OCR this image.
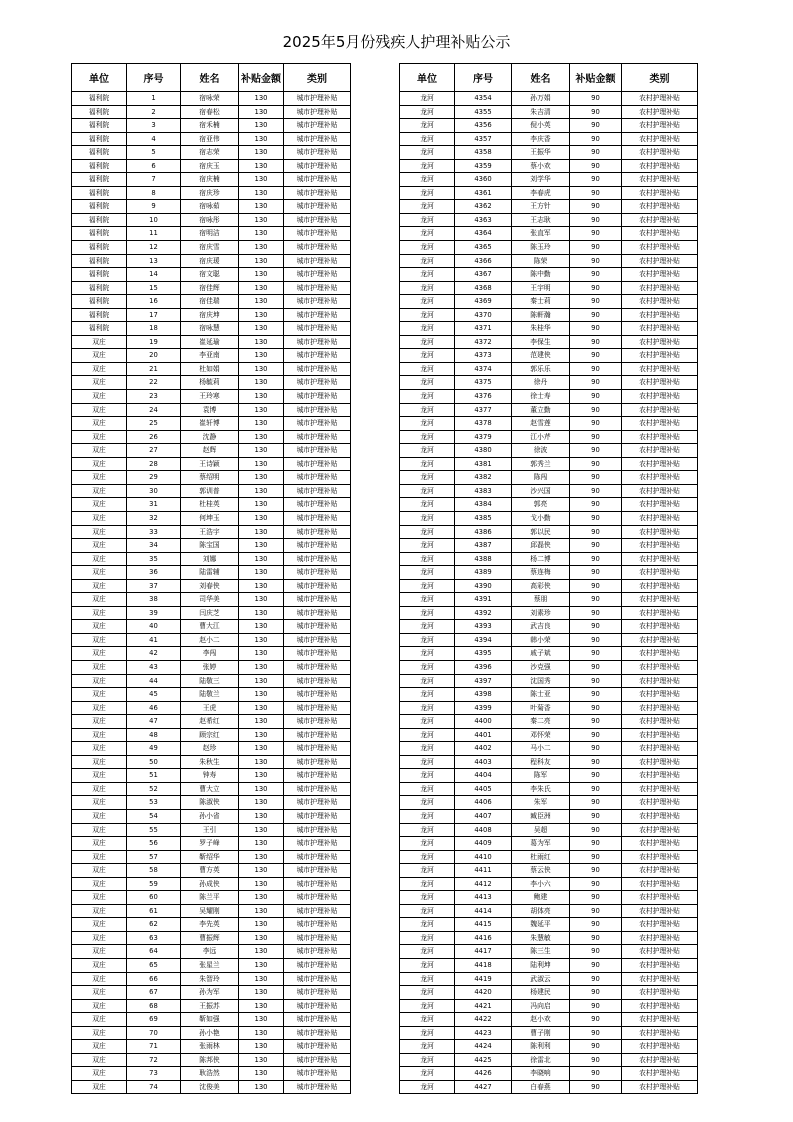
2025年5月份残疾人护理补贴公示
单位	序号	姓名	补贴金额	类别
福利院	1	宿咏荣	130	城市护理补贴
福利院	2	宿春松	130	城市护理补贴
福利院	3	宿禾楠	130	城市护理补贴
福利院	4	宿亚伟	130	城市护理补贴
福利院	5	宿志荣	130	城市护理补贴
福利院	6	宿庆玉	130	城市护理补贴
福利院	7	宿庆楠	130	城市护理补贴
福利院	8	宿庆珍	130	城市护理补贴
福利院	9	宿咏茹	130	城市护理补贴
福利院	10	宿咏彤	130	城市护理补贴
福利院	11	宿明洁	130	城市护理补贴
福利院	12	宿庆雪	130	城市护理补贴
福利院	13	宿庆瑗	130	城市护理补贴
福利院	14	宿文聪	130	城市护理补贴
福利院	15	宿佳辉	130	城市护理补贴
福利院	16	宿佳瑞	130	城市护理补贴
福利院	17	宿庆坤	130	城市护理补贴
福利院	18	宿咏慧	130	城市护理补贴
双庄	19	崔延瑜	130	城市护理补贴
双庄	20	李亚南	130	城市护理补贴
双庄	21	杜如娟	130	城市护理补贴
双庄	22	杨毓莉	130	城市护理补贴
双庄	23	王玲寒	130	城市护理补贴
双庄	24	袁博	130	城市护理补贴
双庄	25	崔轩博	130	城市护理补贴
双庄	26	沈静	130	城市护理补贴
双庄	27	赵辉	130	城市护理补贴
双庄	28	王诗颖	130	城市护理补贴
双庄	29	蔡绍明	130	城市护理补贴
双庄	30	郭训普	130	城市护理补贴
双庄	31	杜桂英	130	城市护理补贴
双庄	32	何坤玉	130	城市护理补贴
双庄	33	王浩宇	130	城市护理补贴
双庄	34	陈宝国	130	城市护理补贴
双庄	35	刘娜	130	城市护理补贴
双庄	36	陆雷辅	130	城市护理补贴
双庄	37	刘春侠	130	城市护理补贴
双庄	38	司华美	130	城市护理补贴
双庄	39	闫庆芝	130	城市护理补贴
双庄	40	曹大江	130	城市护理补贴
双庄	41	赵小二	130	城市护理补贴
双庄	42	李闯	130	城市护理补贴
双庄	43	张婷	130	城市护理补贴
双庄	44	陆敬三	130	城市护理补贴
双庄	45	陆敬兰	130	城市护理补贴
双庄	46	王虎	130	城市护理补贴
双庄	47	赵希红	130	城市护理补贴
双庄	48	顾宗红	130	城市护理补贴
双庄	49	赵珍	130	城市护理补贴
双庄	50	朱秋生	130	城市护理补贴
双庄	51	钟寿	130	城市护理补贴
双庄	52	曹大立	130	城市护理补贴
双庄	53	陈淑侠	130	城市护理补贴
双庄	54	孙小省	130	城市护理补贴
双庄	55	王引	130	城市护理补贴
双庄	56	罗子峰	130	城市护理补贴
双庄	57	靳绍华	130	城市护理补贴
双庄	58	曹方英	130	城市护理补贴
双庄	59	孙成侠	130	城市护理补贴
双庄	60	陈兰平	130	城市护理补贴
双庄	61	吴耀刚	130	城市护理补贴
双庄	62	李先英	130	城市护理补贴
双庄	63	曹振辉	130	城市护理补贴
双庄	64	李远	130	城市护理补贴
双庄	65	张星兰	130	城市护理补贴
双庄	66	朱智玲	130	城市护理补贴
双庄	67	孙为军	130	城市护理补贴
双庄	68	王振苏	130	城市护理补贴
双庄	69	靳如强	130	城市护理补贴
双庄	70	孙小艳	130	城市护理补贴
双庄	71	张雨林	130	城市护理补贴
双庄	72	陈邦侠	130	城市护理补贴
双庄	73	耿浩然	130	城市护理补贴
双庄	74	沈俊美	130	城市护理补贴
单位	序号	姓名	补贴金额	类别
龙河	4354	孙万娟	90	农村护理补贴
龙河	4355	朱吉清	90	农村护理补贴
龙河	4356	倪小英	90	农村护理补贴
龙河	4357	李庆香	90	农村护理补贴
龙河	4358	王振华	90	农村护理补贴
龙河	4359	蔡小欢	90	农村护理补贴
龙河	4360	刘学华	90	农村护理补贴
龙河	4361	李春虎	90	农村护理补贴
龙河	4362	王方针	90	农村护理补贴
龙河	4363	王志耿	90	农村护理补贴
龙河	4364	张直军	90	农村护理补贴
龙河	4365	陈玉玲	90	农村护理补贴
龙河	4366	陈荣	90	农村护理补贴
龙河	4367	陈中勤	90	农村护理补贴
龙河	4368	王宇明	90	农村护理补贴
龙河	4369	秦士莉	90	农村护理补贴
龙河	4370	陈軒瀚	90	农村护理补贴
龙河	4371	朱桂华	90	农村护理补贴
龙河	4372	李保生	90	农村护理补贴
龙河	4373	范建侠	90	农村护理补贴
龙河	4374	郭乐乐	90	农村护理补贴
龙河	4375	徐丹	90	农村护理补贴
龙河	4376	徐士寿	90	农村护理补贴
龙河	4377	董立勤	90	农村护理补贴
龙河	4378	赵雪莲	90	农村护理补贴
龙河	4379	江小芹	90	农村护理补贴
龙河	4380	徐波	90	农村护理补贴
龙河	4381	郭秀兰	90	农村护理补贴
龙河	4382	陈闯	90	农村护理补贴
龙河	4383	沙兴国	90	农村护理补贴
龙河	4384	郭亮	90	农村护理补贴
龙河	4385	戈小勤	90	农村护理补贴
龙河	4386	郭以民	90	农村护理补贴
龙河	4387	邱磊侠	90	农村护理补贴
龙河	4388	杨二博	90	农村护理补贴
龙河	4389	蔡连梅	90	农村护理补贴
龙河	4390	高彩侠	90	农村护理补贴
龙河	4391	蔡朋	90	农村护理补贴
龙河	4392	刘素珍	90	农村护理补贴
龙河	4393	武吉良	90	农村护理补贴
龙河	4394	韩小荣	90	农村护理补贴
龙河	4395	戚子斌	90	农村护理补贴
龙河	4396	沙克强	90	农村护理补贴
龙河	4397	沈国秀	90	农村护理补贴
龙河	4398	陈士亚	90	农村护理补贴
龙河	4399	叶菊香	90	农村护理补贴
龙河	4400	秦二亮	90	农村护理补贴
龙河	4401	邓怀荣	90	农村护理补贴
龙河	4402	马小二	90	农村护理补贴
龙河	4403	程科友	90	农村护理补贴
龙河	4404	陈军	90	农村护理补贴
龙河	4405	李朱氏	90	农村护理补贴
龙河	4406	朱军	90	农村护理补贴
龙河	4407	臧臣洲	90	农村护理补贴
龙河	4408	吴超	90	农村护理补贴
龙河	4409	葛为军	90	农村护理补贴
龙河	4410	杜雨红	90	农村护理补贴
龙河	4411	蔡云侠	90	农村护理补贴
龙河	4412	李小六	90	农村护理补贴
龙河	4413	鲍建	90	农村护理补贴
龙河	4414	胡体亮	90	农村护理补贴
龙河	4415	魏延平	90	农村护理补贴
龙河	4416	朱慧敏	90	农村护理补贴
龙河	4417	陈三生	90	农村护理补贴
龙河	4418	陆利坤	90	农村护理补贴
龙河	4419	武淑云	90	农村护理补贴
龙河	4420	杨建民	90	农村护理补贴
龙河	4421	冯向启	90	农村护理补贴
龙河	4422	赵小欢	90	农村护理补贴
龙河	4423	曹子刚	90	农村护理补贴
龙河	4424	陈利利	90	农村护理补贴
龙河	4425	徐雷北	90	农村护理补贴
龙河	4426	李晓响	90	农村护理补贴
龙河	4427	白春燕	90	农村护理补贴
